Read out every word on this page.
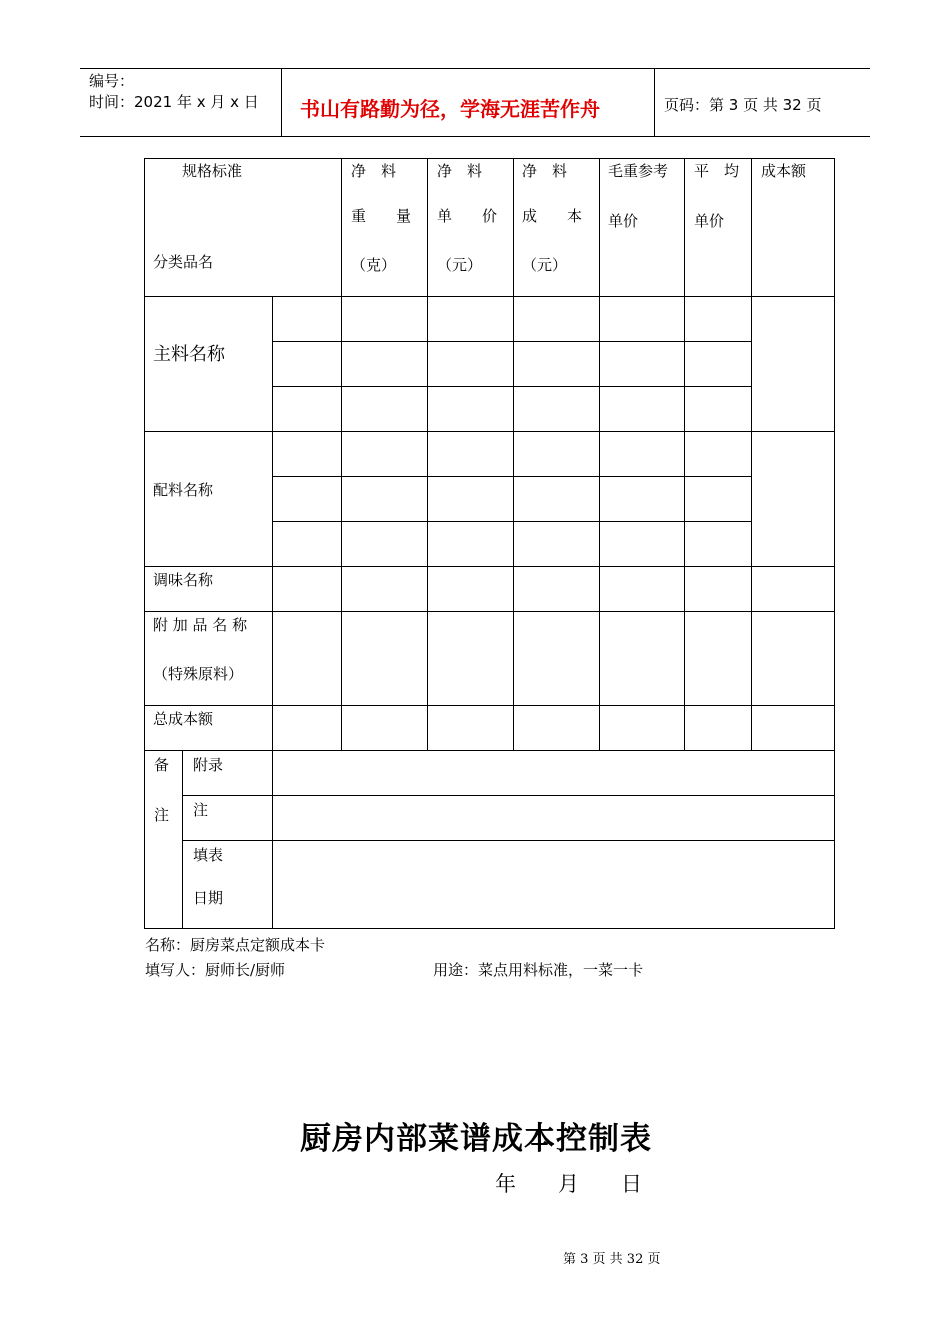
编号：
时间：2021 年 x 月 x 日 书山有路勤为径，学海无涯苦作舟	页码：第 3 页 共 32 页
规格标准
分类品名
净　料
重　　量
（克）
净　料
单　　价
（元）
净　料
成　　本
（元）
毛重参考
单价
平　均
单价
成本额
主料名称
配料名称
调味名称
附 加 品 名 称
（特殊原料）
总成本额
备
注
附录
注
填表
日期
名称：厨房菜点定额成本卡
填写人：厨师长/厨师	用途：菜点用料标准，一菜一卡
厨房内部菜谱成本控制表
年　　月　　日
第 3 页 共 32 页
